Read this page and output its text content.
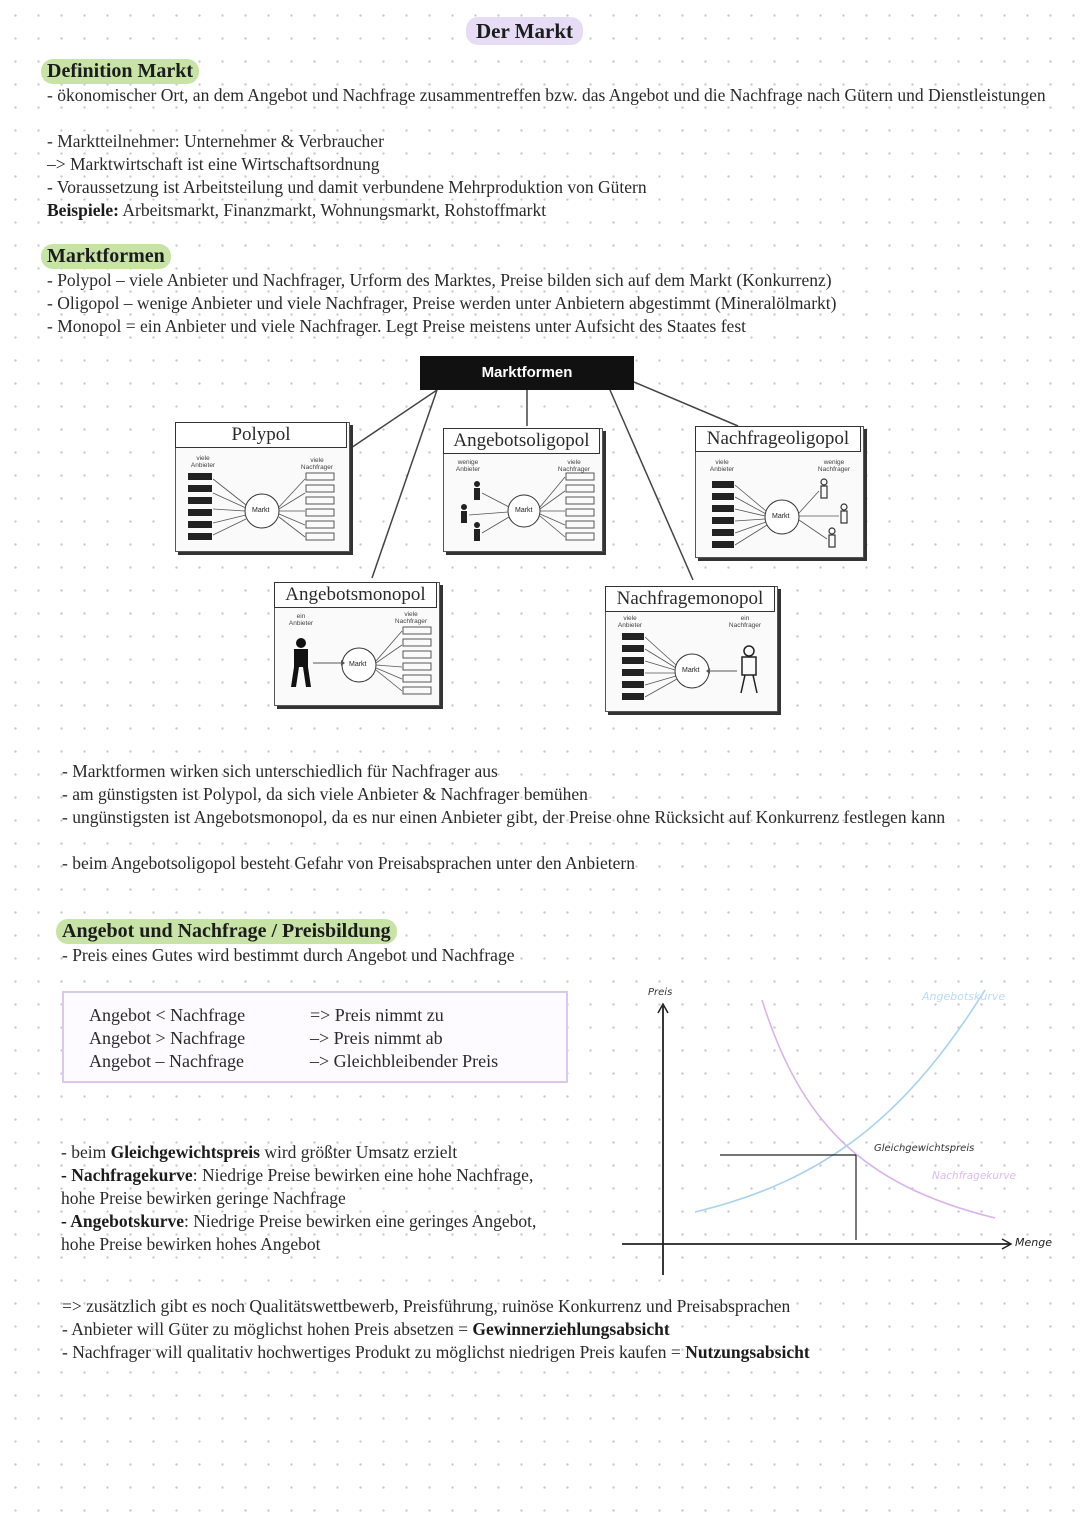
Der Markt
Definition Markt
- ökonomischer Ort, an dem Angebot und Nachfrage zusammentreffen bzw. das Angebot und die Nachfrage nach Gütern und Dienstleistungen
- Marktteilnehmer: Unternehmer & Verbraucher
–> Marktwirtschaft ist eine Wirtschaftsordnung
- Voraussetzung ist Arbeitsteilung und damit verbundene Mehrproduktion von Gütern
Beispiele: Arbeitsmarkt, Finanzmarkt, Wohnungsmarkt, Rohstoffmarkt
Marktformen
- Polypol – viele Anbieter und Nachfrager, Urform des Marktes, Preise bilden sich auf dem Markt (Konkurrenz)
- Oligopol – wenige Anbieter und viele Nachfrager, Preise werden unter Anbietern abgestimmt (Mineralölmarkt)
- Monopol = ein Anbieter und viele Nachfrager. Legt Preise meistens unter Aufsicht des Staates fest
Marktformen
Polypol
viele
Anbieter
viele
Nachfrager
Markt
Angebotsoligopol
wenige
Anbieter
viele
Nachfrager
Markt
Nachfrageoligopol
viele
Anbieter
wenige
Nachfrager
Markt
Angebotsmonopol
ein
Anbieter
viele
Nachfrager
Markt
Nachfragemonopol
viele
Anbieter
ein
Nachfrager
Markt
- Marktformen wirken sich unterschiedlich für Nachfrager aus
- am günstigsten ist Polypol, da sich viele Anbieter & Nachfrager bemühen
- ungünstigsten ist Angebotsmonopol, da es nur einen Anbieter gibt, der Preise ohne Rücksicht auf Konkurrenz festlegen kann
- beim Angebotsoligopol besteht Gefahr von Preisabsprachen unter den Anbietern
Angebot und Nachfrage / Preisbildung
- Preis eines Gutes wird bestimmt durch Angebot und Nachfrage
Angebot < Nachfrage	=> Preis nimmt zu
Angebot > Nachfrage	–> Preis nimmt ab
Angebot – Nachfrage	–> Gleichbleibender Preis
- beim Gleichgewichtspreis wird größter Umsatz erzielt
- Nachfragekurve: Niedrige Preise bewirken eine hohe Nachfrage,
hohe Preise bewirken geringe Nachfrage
- Angebotskurve: Niedrige Preise bewirken eine geringes Angebot,
hohe Preise bewirken hohes Angebot
Preis
Menge
Angebotskurve
Nachfragekurve
Gleichgewichtspreis
=> zusätzlich gibt es noch Qualitätswettbewerb, Preisführung, ruinöse Konkurrenz und Preisabsprachen
- Anbieter will Güter zu möglichst hohen Preis absetzen = Gewinnerziehlungsabsicht
- Nachfrager will qualitativ hochwertiges Produkt zu möglichst niedrigen Preis kaufen = Nutzungsabsicht
